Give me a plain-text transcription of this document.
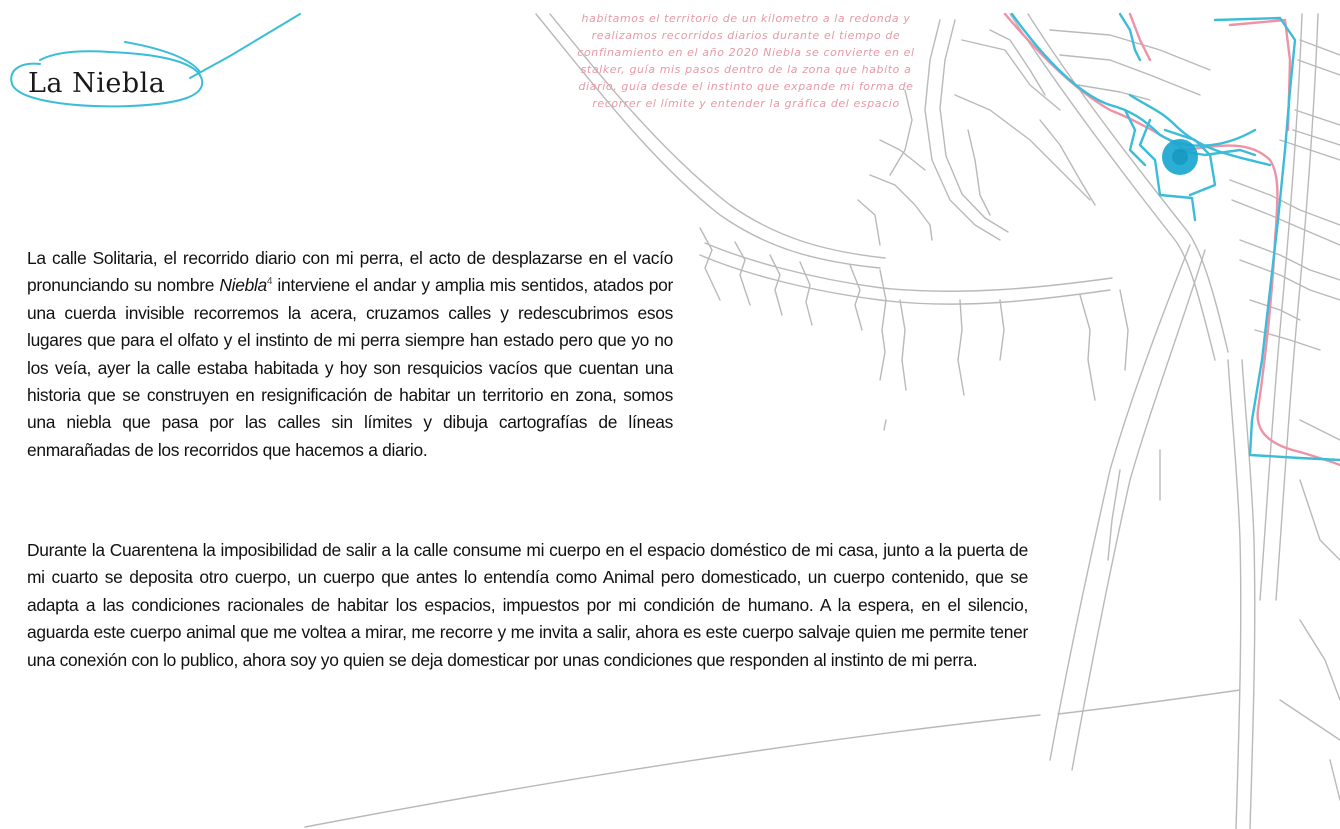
La Niebla
habitamos el territorio de un kilometro a la redonda y realizamos recorridos diarios durante el tiempo de confinamiento en el año 2020 Niebla se convierte en el stalker, guía mis pasos dentro de la zona que habito a diario, guía desde el instinto que expande mi forma de recorrer el límite y entender la gráfica del espacio
La calle Solitaria, el recorrido diario con mi perra, el acto de desplazarse en el vacío pronunciando su nombre Niebla$^4$ interviene el andar y amplia mis sentidos, atados por una cuerda invisible recorremos la acera, cruzamos calles y redescubrimos esos lugares que para el olfato y el instinto de mi perra siempre han estado pero que yo no los veía, ayer la calle estaba habitada y hoy son resquicios vacíos que cuentan una historia que se construyen en resignificación de habitar un territorio en zona, somos una niebla que pasa por las calles sin límites y dibuja cartografías de líneas enmarañadas de los recorridos que hacemos a diario.
Durante la Cuarentena la imposibilidad de salir a la calle consume mi cuerpo en el espacio doméstico de mi casa, junto a la puerta de mi cuarto se deposita otro cuerpo, un cuerpo que antes lo entendía como Animal pero domesticado, un cuerpo contenido, que se adapta a las condiciones racionales de habitar los espacios, impuestos por mi condición de humano. A la espera, en el silencio, aguarda este cuerpo animal que me voltea a mirar, me recorre y me invita a salir, ahora es este cuerpo salvaje quien me permite tener una conexión con lo publico, ahora soy yo quien se deja domesticar por unas condiciones que responden al instinto de mi perra.
